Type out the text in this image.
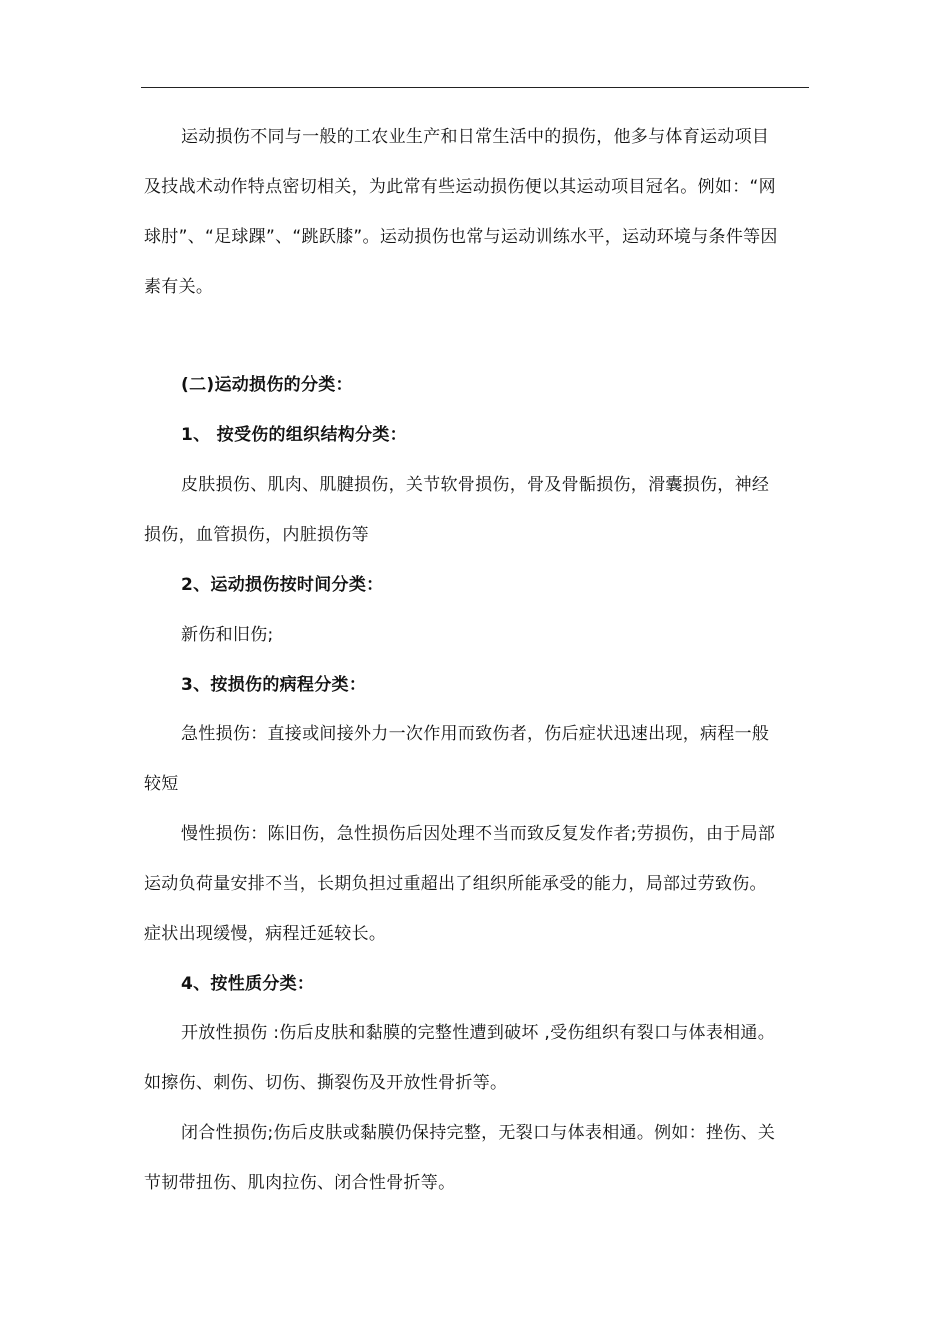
运动损伤不同与一般的工农业生产和日常生活中的损伤，他多与体育运动项目
及技战术动作特点密切相关，为此常有些运动损伤便以其运动项目冠名。例如：“网
球肘”、“足球踝”、“跳跃膝”。运动损伤也常与运动训练水平，运动环境与条件等因
素有关。
(二)运动损伤的分类：
1、 按受伤的组织结构分类：
皮肤损伤、肌肉、肌腱损伤，关节软骨损伤，骨及骨骺损伤，滑囊损伤，神经
损伤，血管损伤，内脏损伤等
2、运动损伤按时间分类：
新伤和旧伤;
3、按损伤的病程分类：
急性损伤：直接或间接外力一次作用而致伤者，伤后症状迅速出现，病程一般
较短
慢性损伤：陈旧伤，急性损伤后因处理不当而致反复发作者;劳损伤，由于局部
运动负荷量安排不当，长期负担过重超出了组织所能承受的能力，局部过劳致伤。
症状出现缓慢，病程迁延较长。
4、按性质分类：
开放性损伤 :伤后皮肤和黏膜的完整性遭到破坏 ,受伤组织有裂口与体表相通。
如擦伤、刺伤、切伤、撕裂伤及开放性骨折等。
闭合性损伤;伤后皮肤或黏膜仍保持完整，无裂口与体表相通。例如：挫伤、关
节韧带扭伤、肌肉拉伤、闭合性骨折等。
